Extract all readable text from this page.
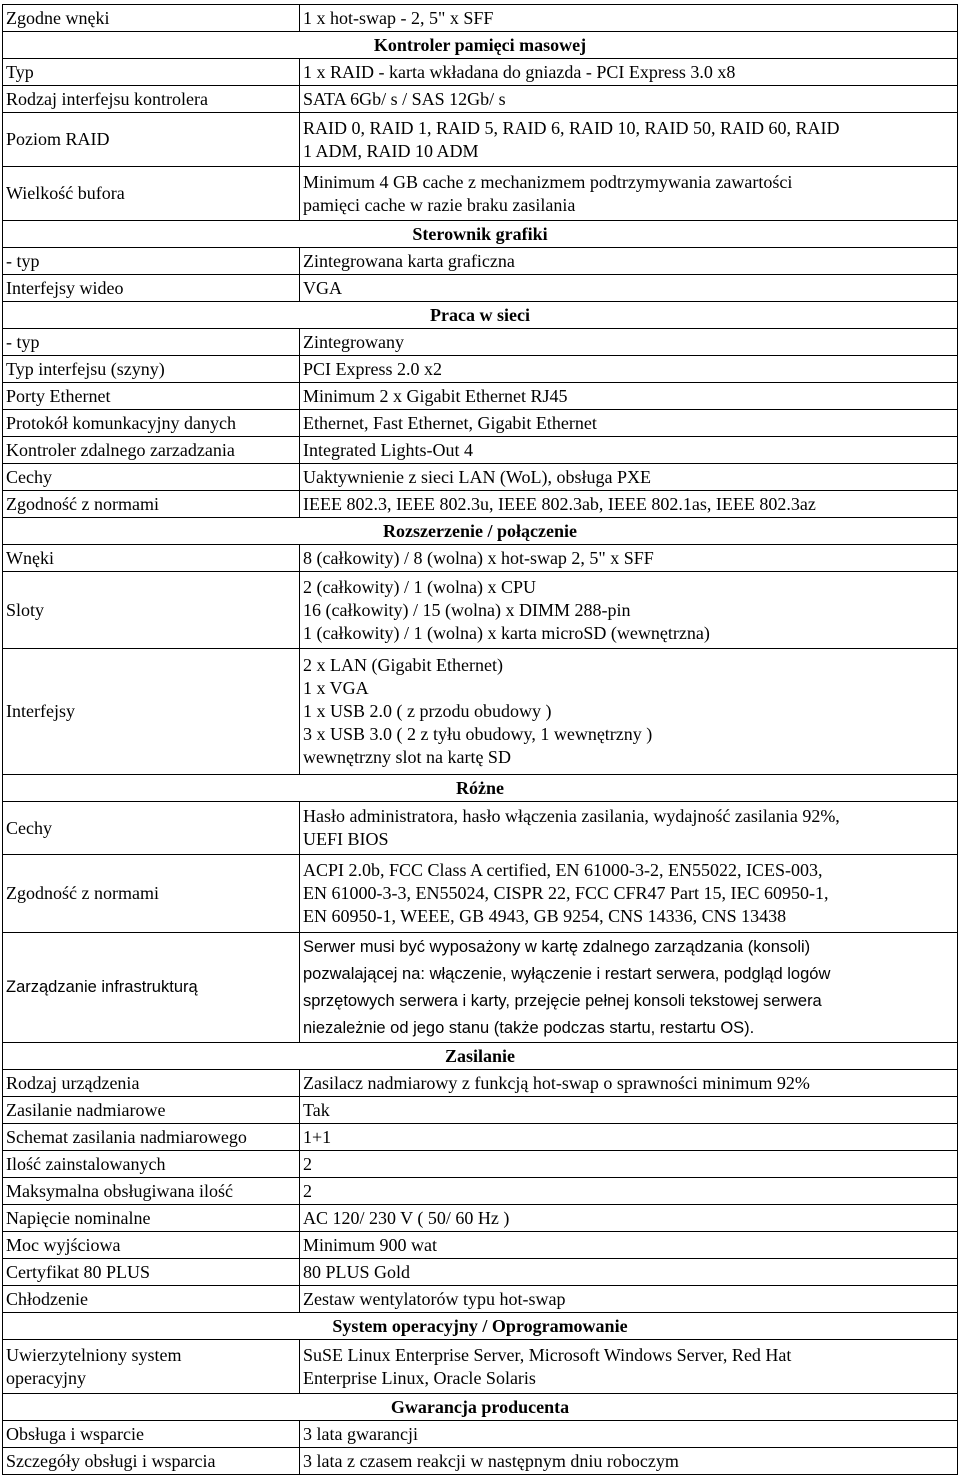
Zgodne wnęki	1 x hot-swap - 2, 5" x SFF
Kontroler pamięci masowej	
Typ	1 x RAID - karta wkładana do gniazda - PCI Express 3.0 x8
Rodzaj interfejsu kontrolera	SATA 6Gb/ s / SAS 12Gb/ s
Poziom RAID	RAID 0, RAID 1, RAID 5, RAID 6, RAID 10, RAID 50, RAID 60, RAID
1 ADM, RAID 10 ADM
Wielkość bufora	Minimum 4 GB cache z mechanizmem podtrzymywania zawartości
pamięci cache w razie braku zasilania
Sterownik grafiki	
- typ	Zintegrowana karta graficzna
Interfejsy wideo	VGA
Praca w sieci	
- typ	Zintegrowany
Typ interfejsu (szyny)	PCI Express 2.0 x2
Porty Ethernet	Minimum 2 x Gigabit Ethernet RJ45
Protokół komunkacyjny danych	Ethernet, Fast Ethernet, Gigabit Ethernet
Kontroler zdalnego zarzadzania	Integrated Lights-Out 4
Cechy	Uaktywnienie z sieci LAN (WoL), obsługa PXE
Zgodność z normami	IEEE 802.3, IEEE 802.3u, IEEE 802.3ab, IEEE 802.1as, IEEE 802.3az
Rozszerzenie / połączenie	
Wnęki	8 (całkowity) / 8 (wolna) x hot-swap 2, 5" x SFF
Sloty	2 (całkowity) / 1 (wolna) x CPU
16 (całkowity) / 15 (wolna) x DIMM 288-pin
1 (całkowity) / 1 (wolna) x karta microSD (wewnętrzna)
Interfejsy	2 x LAN (Gigabit Ethernet)
1 x VGA
1 x USB 2.0 ( z przodu obudowy )
3 x USB 3.0 ( 2 z tyłu obudowy, 1 wewnętrzny )
wewnętrzny slot na kartę SD
Różne	
Cechy	Hasło administratora, hasło włączenia zasilania, wydajność zasilania 92%,
UEFI BIOS
Zgodność z normami	ACPI 2.0b, FCC Class A certified, EN 61000-3-2, EN55022, ICES-003,
EN 61000-3-3, EN55024, CISPR 22, FCC CFR47 Part 15, IEC 60950-1,
EN 60950-1, WEEE, GB 4943, GB 9254, CNS 14336, CNS 13438
Zarządzanie infrastrukturą	Serwer musi być wyposażony w kartę zdalnego zarządzania (konsoli)
pozwalającej na: włączenie, wyłączenie i restart serwera, podgląd logów
sprzętowych serwera i karty, przejęcie pełnej konsoli tekstowej serwera
niezależnie od jego stanu (także podczas startu, restartu OS).
Zasilanie	
Rodzaj urządzenia	Zasilacz nadmiarowy z funkcją hot-swap o sprawności minimum 92%
Zasilanie nadmiarowe	Tak
Schemat zasilania nadmiarowego	1+1
Ilość zainstalowanych	2
Maksymalna obsługiwana ilość	2
Napięcie nominalne	AC 120/ 230 V ( 50/ 60 Hz )
Moc wyjściowa	Minimum 900 wat
Certyfikat 80 PLUS	80 PLUS Gold
Chłodzenie	Zestaw wentylatorów typu hot-swap
System operacyjny / Oprogramowanie	
Uwierzytelniony system
operacyjny	SuSE Linux Enterprise Server, Microsoft Windows Server, Red Hat
Enterprise Linux, Oracle Solaris
Gwarancja producenta	
Obsługa i wsparcie	3 lata gwarancji
Szczegóły obsługi i wsparcia	3 lata z czasem reakcji w następnym dniu roboczym
